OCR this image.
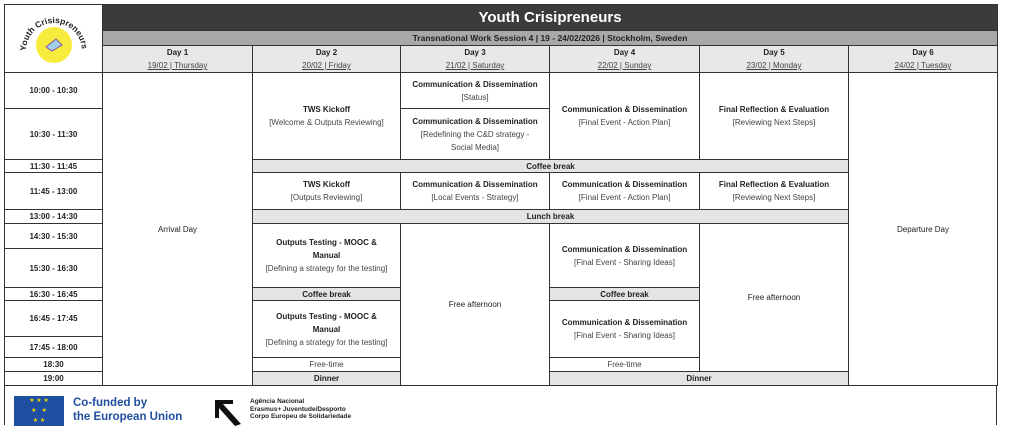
Youth Crisispreneurs
Youth Crisipreneurs
Transnational Work Session 4 | 19 - 24/02/2026 | Stockholm, Sweden
Day 1
19/02 | Thursday
Day 2
20/02 | Friday
Day 3
21/02 | Saturday
Day 4
22/02 | Sunday
Day 5
23/02 | Monday
Day 6
24/02 | Tuesday
10:00 - 10:30
10:30 - 11:30
11:30 - 11:45
11:45 - 13:00
13:00 - 14:30
14:30 - 15:30
15:30 - 16:30
16:30 - 16:45
16:45 - 17:45
17:45 - 18:00
18:30
19:00
Arrival Day	Departure Day
TWS Kickoff
[Welcome & Outputs Reviewing]
Coffee break
TWS Kickoff
[Outputs Reviewing]
Lunch break
Outputs Testing - MOOC & Manual
[Defining a strategy for the testing]
Coffee break
Outputs Testing - MOOC & Manual
[Defining a strategy for the testing]
Free-time
Dinner
Communication & Dissemination
[Status]
Communication & Dissemination
[Redefining the C&D strategy - Social Media]
Communication & Dissemination
[Local Events - Strategy]
Free afternoon
Communication & Dissemination
[Final Event - Action Plan]
Communication & Dissemination
[Final Event - Action Plan]
Communication & Dissemination
[Final Event - Sharing Ideas]
Coffee break
Communication & Dissemination
[Final Event - Sharing Ideas]
Free-time
Dinner
Final Reflection & Evaluation
[Reviewing Next Steps]
Final Reflection & Evaluation
[Reviewing Next Steps]
Free afternoon
★ ★ ★
★   ★
★ ★
Co-funded by
the European Union
Agência Nacional
Erasmus+ Juventude/Desporto
Corpo Europeu de Solidariedade
